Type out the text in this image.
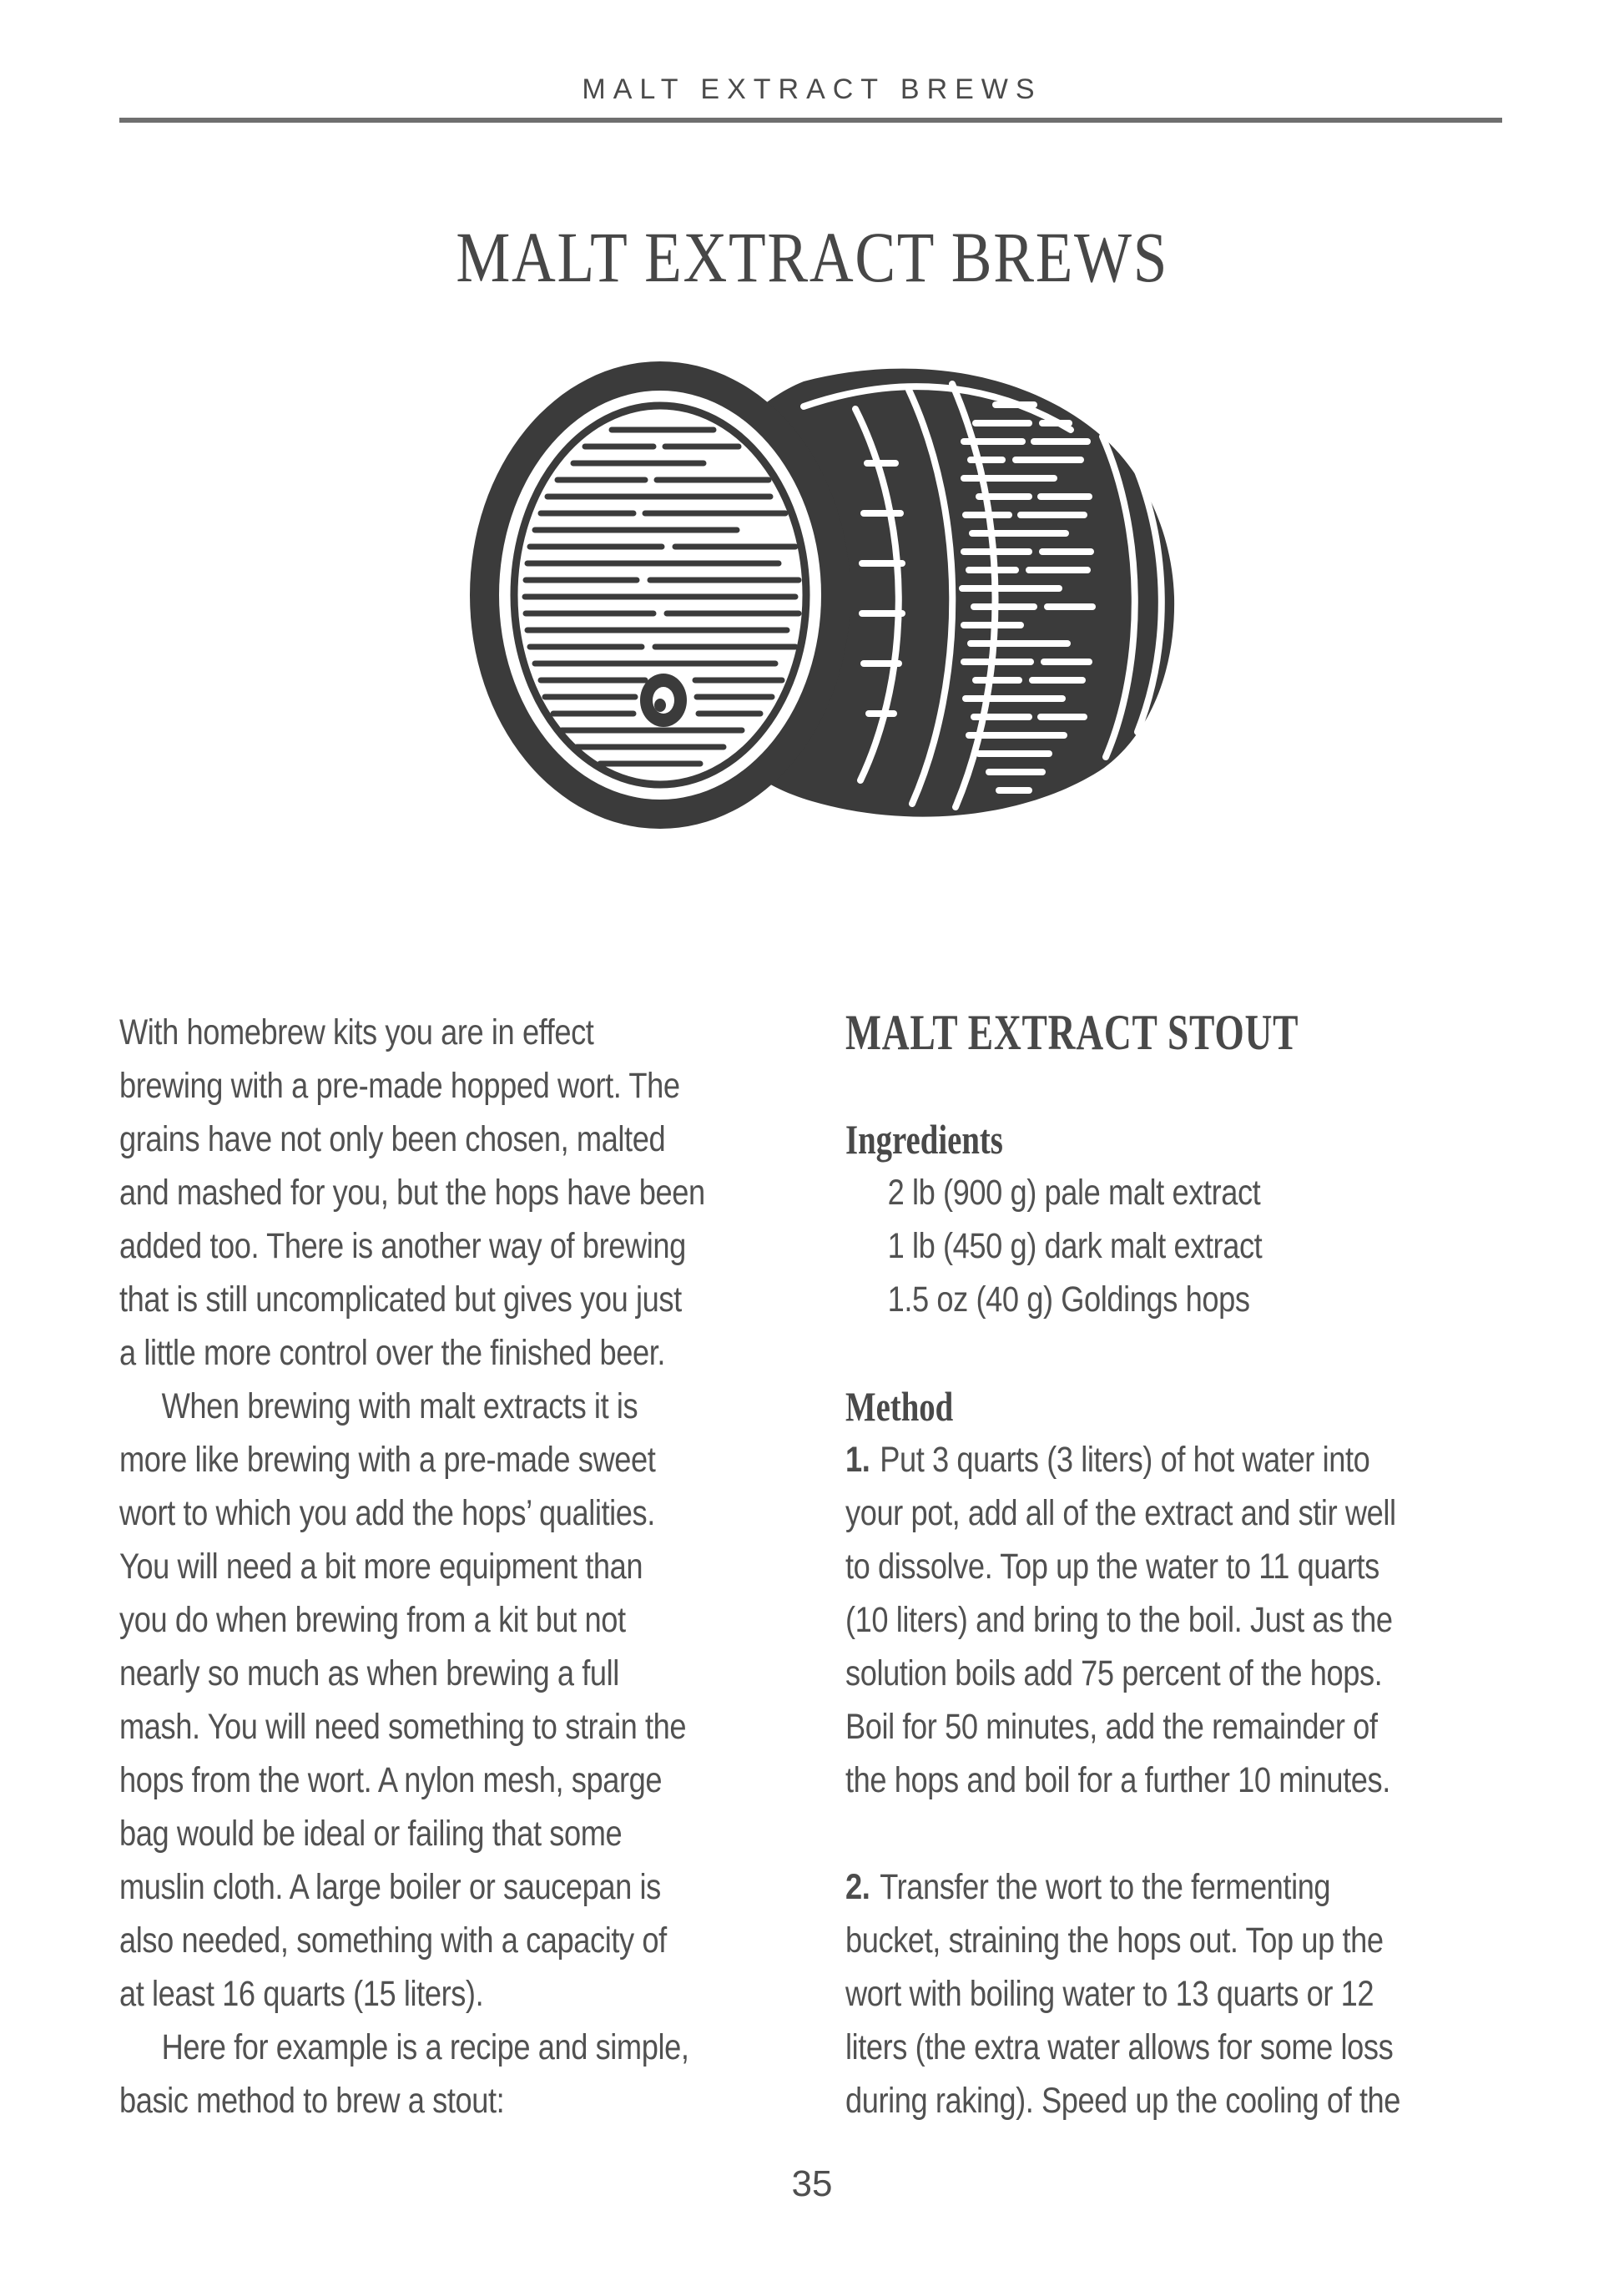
MALT EXTRACT BREWS
MALT EXTRACT BREWS
With homebrew kits you are in effect
brewing with a pre-made hopped wort. The
grains have not only been chosen, malted
and mashed for you, but the hops have been
added too. There is another way of brewing
that is still uncomplicated but gives you just
a little more control over the finished beer.
When brewing with malt extracts it is
more like brewing with a pre-made sweet
wort to which you add the hops’ qualities.
You will need a bit more equipment than
you do when brewing from a kit but not
nearly so much as when brewing a full
mash. You will need something to strain the
hops from the wort. A nylon mesh, sparge
bag would be ideal or failing that some
muslin cloth. A large boiler or saucepan is
also needed, something with a capacity of
at least 16 quarts (15 liters).
Here for example is a recipe and simple,
basic method to brew a stout:
MALT EXTRACT STOUT
Ingredients
2 lb (900 g) pale malt extract
1 lb (450 g) dark malt extract
1.5 oz (40 g) Goldings hops
Method
1. Put 3 quarts (3 liters) of hot water into
your pot, add all of the extract and stir well
to dissolve. Top up the water to 11 quarts
(10 liters) and bring to the boil. Just as the
solution boils add 75 percent of the hops.
Boil for 50 minutes, add the remainder of
the hops and boil for a further 10 minutes.
2. Transfer the wort to the fermenting
bucket, straining the hops out. Top up the
wort with boiling water to 13 quarts or 12
liters (the extra water allows for some loss
during raking). Speed up the cooling of the
35
